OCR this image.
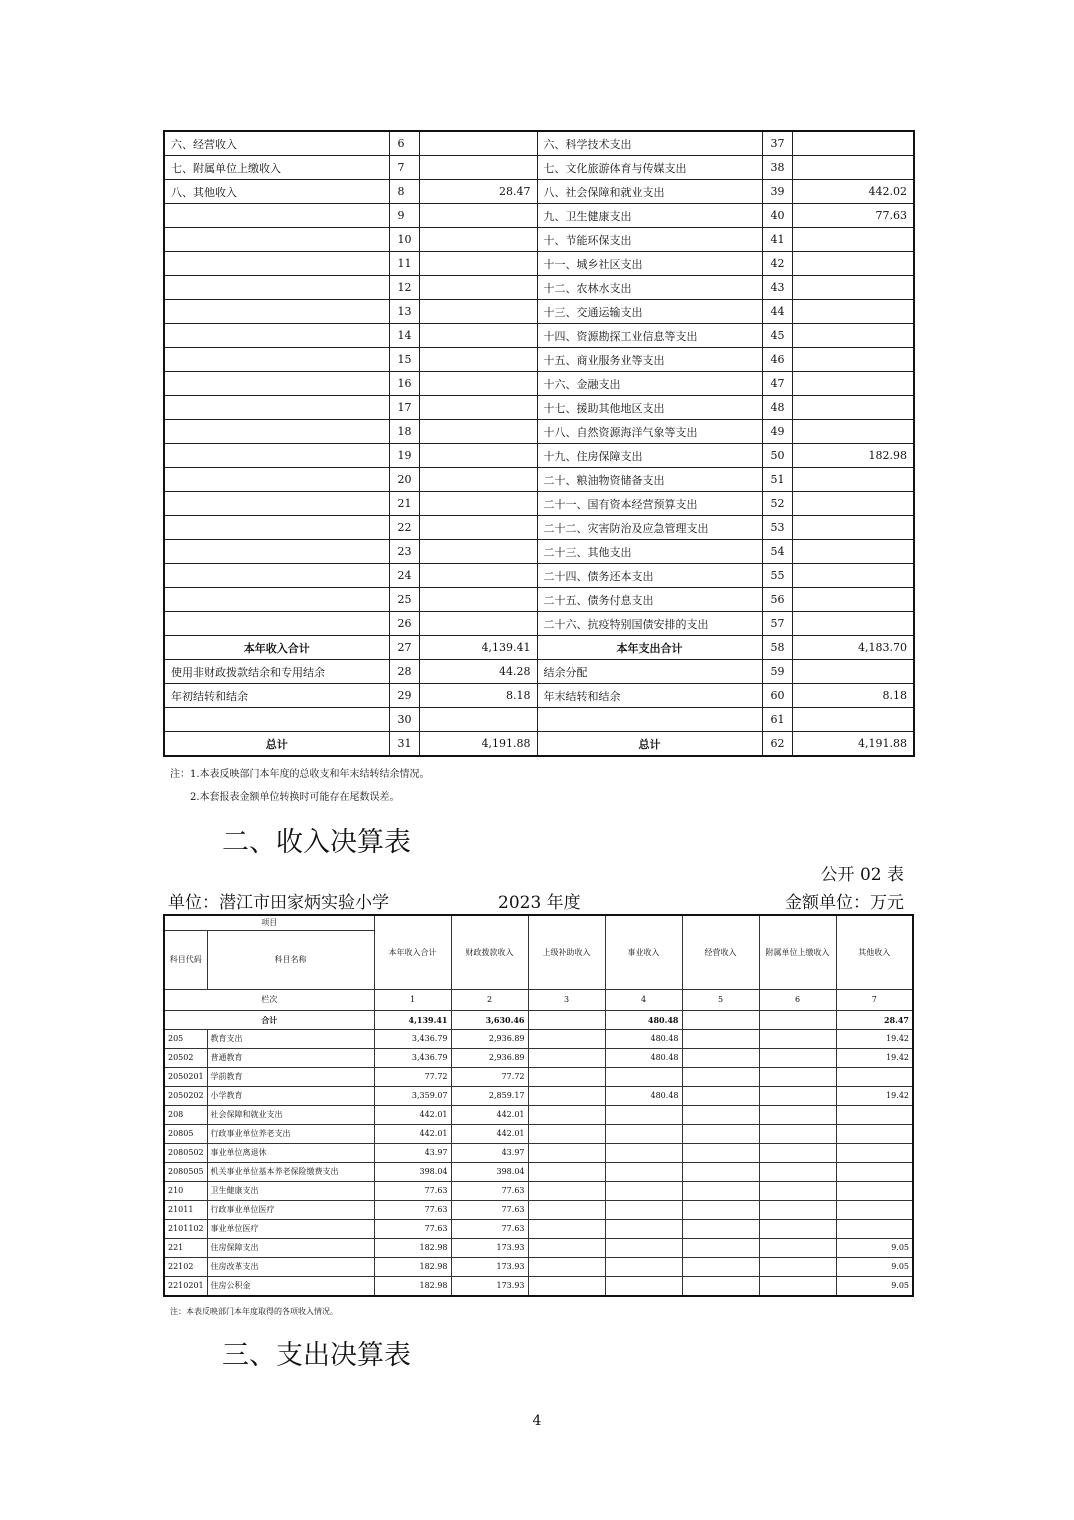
六、经营收入	6		六、科学技术支出	37	
七、附属单位上缴收入	7		七、文化旅游体育与传媒支出	38	
八、其他收入	8	28.47	八、社会保障和就业支出	39	442.02
	9		九、卫生健康支出	40	77.63
	10		十、节能环保支出	41	
	11		十一、城乡社区支出	42	
	12		十二、农林水支出	43	
	13		十三、交通运输支出	44	
	14		十四、资源勘探工业信息等支出	45	
	15		十五、商业服务业等支出	46	
	16		十六、金融支出	47	
	17		十七、援助其他地区支出	48	
	18		十八、自然资源海洋气象等支出	49	
	19		十九、住房保障支出	50	182.98
	20		二十、粮油物资储备支出	51	
	21		二十一、国有资本经营预算支出	52	
	22		二十二、灾害防治及应急管理支出	53	
	23		二十三、其他支出	54	
	24		二十四、债务还本支出	55	
	25		二十五、债务付息支出	56	
	26		二十六、抗疫特别国债安排的支出	57	
本年收入合计	27	4,139.41	本年支出合计	58	4,183.70
使用非财政拨款结余和专用结余	28	44.28	结余分配	59	
年初结转和结余	29	8.18	年末结转和结余	60	8.18
	30			61	
总计	31	4,191.88	总计	62	4,191.88
注：1.本表反映部门本年度的总收支和年末结转结余情况。
2.本套报表金额单位转换时可能存在尾数误差。
二、收入决算表
公开 02 表
单位：潜江市田家炳实验小学	2023 年度	金额单位：万元
项目		本年收入合计	财政拨款收入	上级补助收入	事业收入	经营收入	附属单位上缴收入	其他收入
科目代码	科目名称							
栏次		1	2	3	4	5	6	7
合计		4,139.41	3,630.46		480.48			28.47
205	教育支出	3,436.79	2,936.89		480.48			19.42
20502	普通教育	3,436.79	2,936.89		480.48			19.42
2050201	学前教育	77.72	77.72					
2050202	小学教育	3,359.07	2,859.17		480.48			19.42
208	社会保障和就业支出	442.01	442.01					
20805	行政事业单位养老支出	442.01	442.01					
2080502	事业单位离退休	43.97	43.97					
2080505	机关事业单位基本养老保险缴费支出	398.04	398.04					
210	卫生健康支出	77.63	77.63					
21011	行政事业单位医疗	77.63	77.63					
2101102	事业单位医疗	77.63	77.63					
221	住房保障支出	182.98	173.93					9.05
22102	住房改革支出	182.98	173.93					9.05
2210201	住房公积金	182.98	173.93					9.05
注：本表反映部门本年度取得的各项收入情况。
三、支出决算表
4
